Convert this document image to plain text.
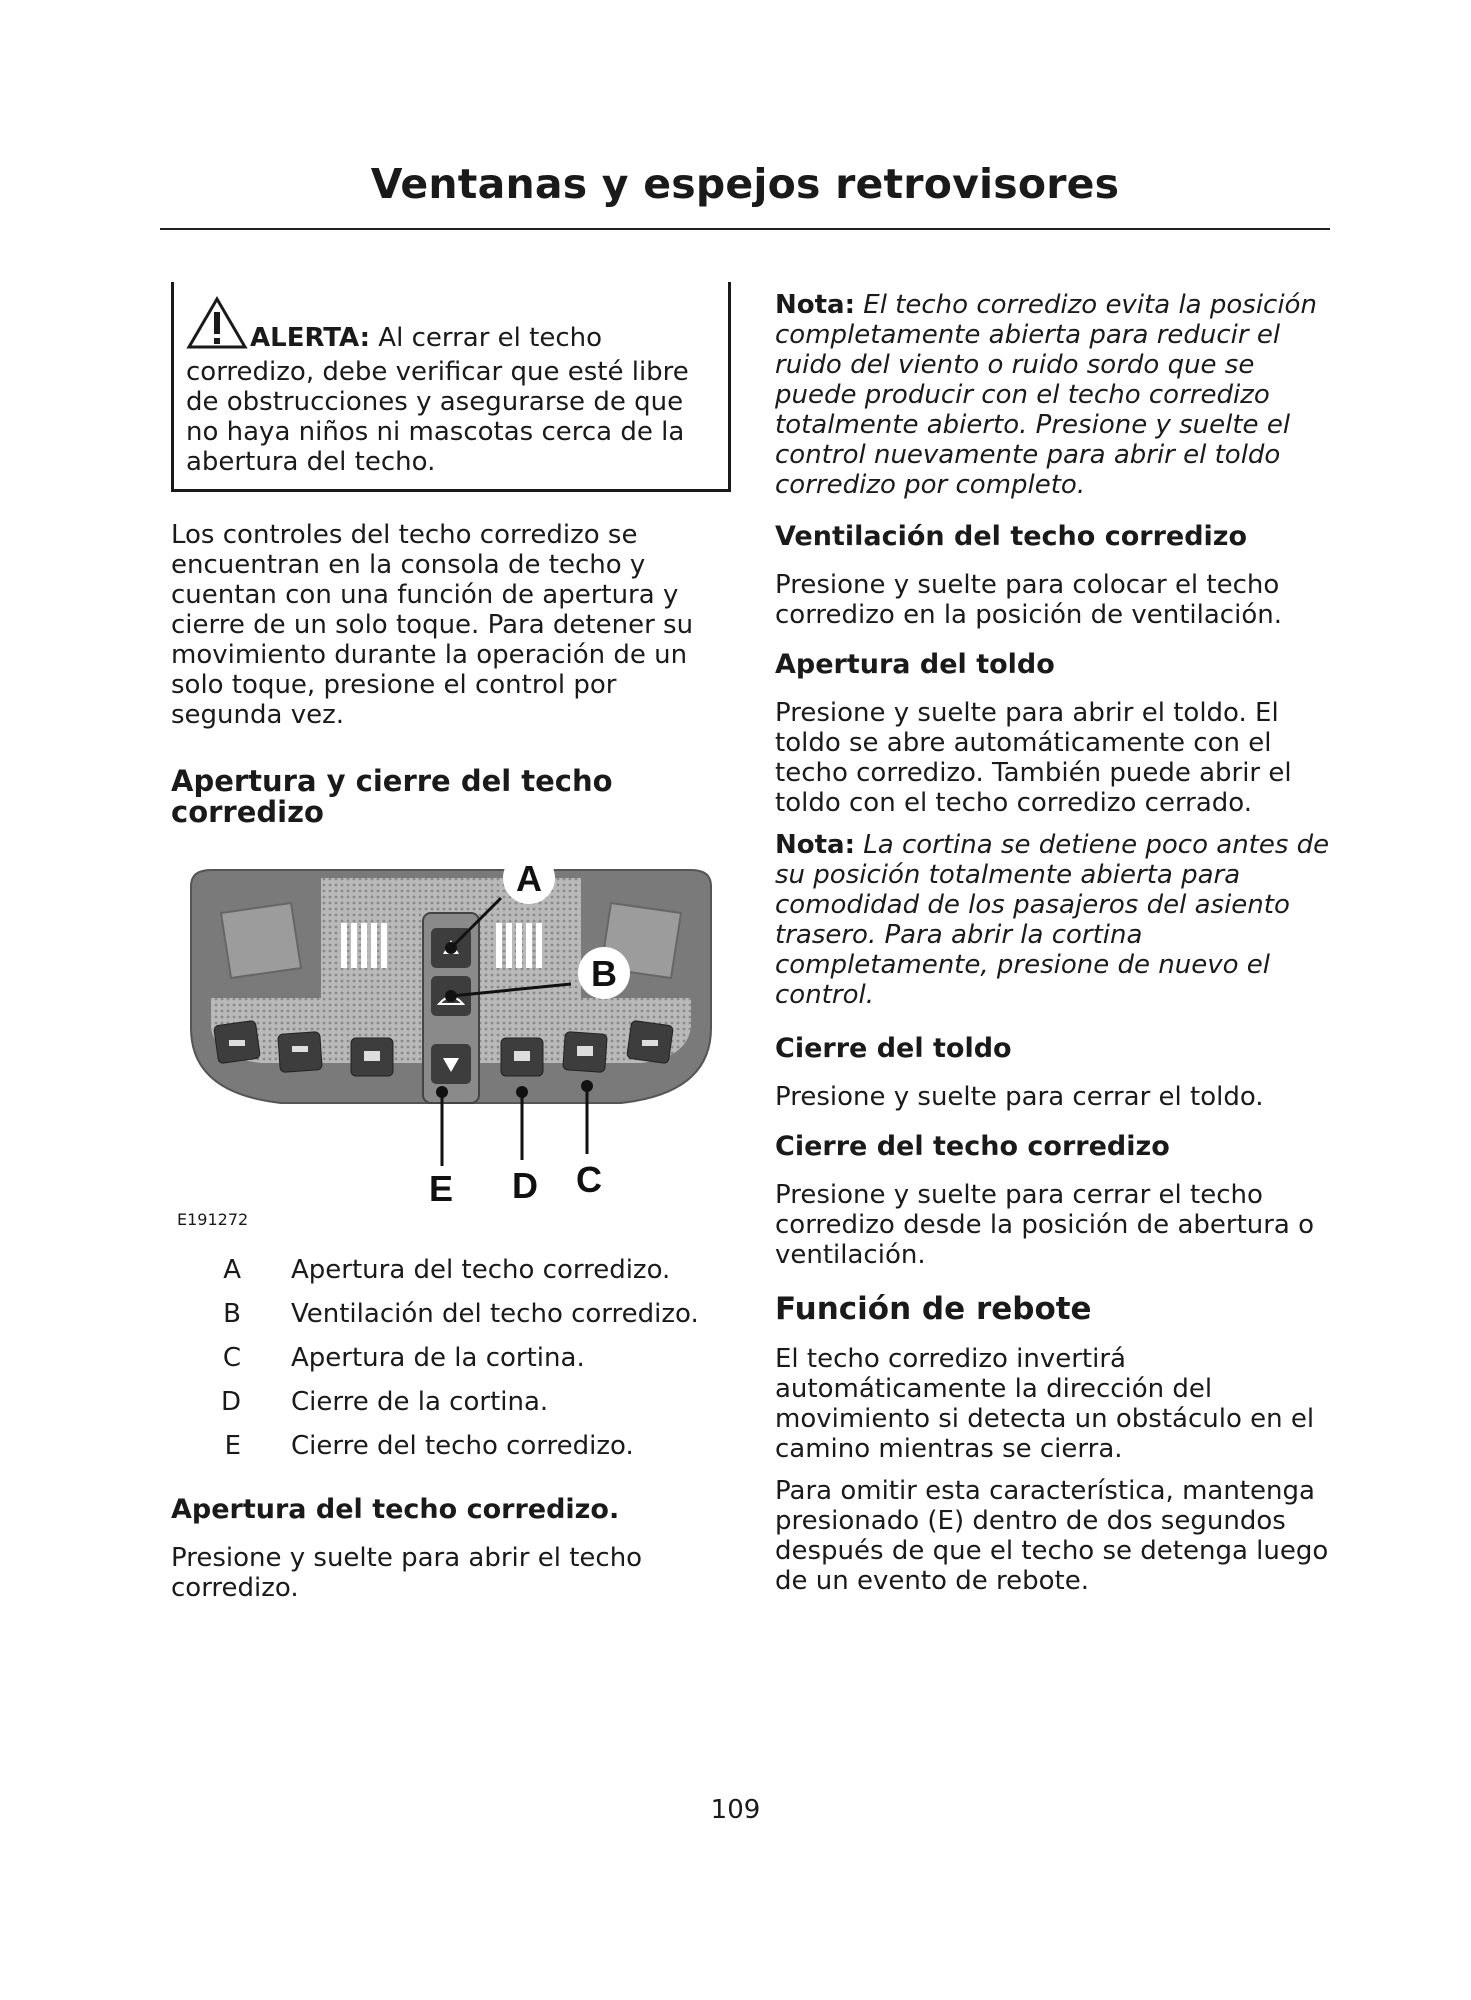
Ventanas y espejos retrovisores

ALERTA: Al cerrar el techo corredizo, debe verificar que esté libre de obstrucciones y asegurarse de que no haya niños ni mascotas cerca de la abertura del techo.

Los controles del techo corredizo se encuentran en la consola de techo y cuentan con una función de apertura y cierre de un solo toque. Para detener su movimiento durante la operación de un solo toque, presione el control por segunda vez.

Apertura y cierre del techo corredizo
A
B
E D C
E191272
A	Apertura del techo corredizo.
B	Ventilación del techo corredizo.
C	Apertura de la cortina.
D	Cierre de la cortina.
E	Cierre del techo corredizo.
Apertura del techo corredizo.

Presione y suelte para abrir el techo corredizo.

Nota: El techo corredizo evita la posición completamente abierta para reducir el ruido del viento o ruido sordo que se puede producir con el techo corredizo totalmente abierto. Presione y suelte el control nuevamente para abrir el toldo corredizo por completo.

Ventilación del techo corredizo

Presione y suelte para colocar el techo corredizo en la posición de ventilación.

Apertura del toldo

Presione y suelte para abrir el toldo. El toldo se abre automáticamente con el techo corredizo. También puede abrir el toldo con el techo corredizo cerrado.

Nota: La cortina se detiene poco antes de su posición totalmente abierta para comodidad de los pasajeros del asiento trasero. Para abrir la cortina completamente, presione de nuevo el control.

Cierre del toldo

Presione y suelte para cerrar el toldo.

Cierre del techo corredizo

Presione y suelte para cerrar el techo corredizo desde la posición de abertura o ventilación.

Función de rebote

El techo corredizo invertirá automáticamente la dirección del movimiento si detecta un obstáculo en el camino mientras se cierra.

Para omitir esta característica, mantenga presionado (E) dentro de dos segundos después de que el techo se detenga luego de un evento de rebote.

109
